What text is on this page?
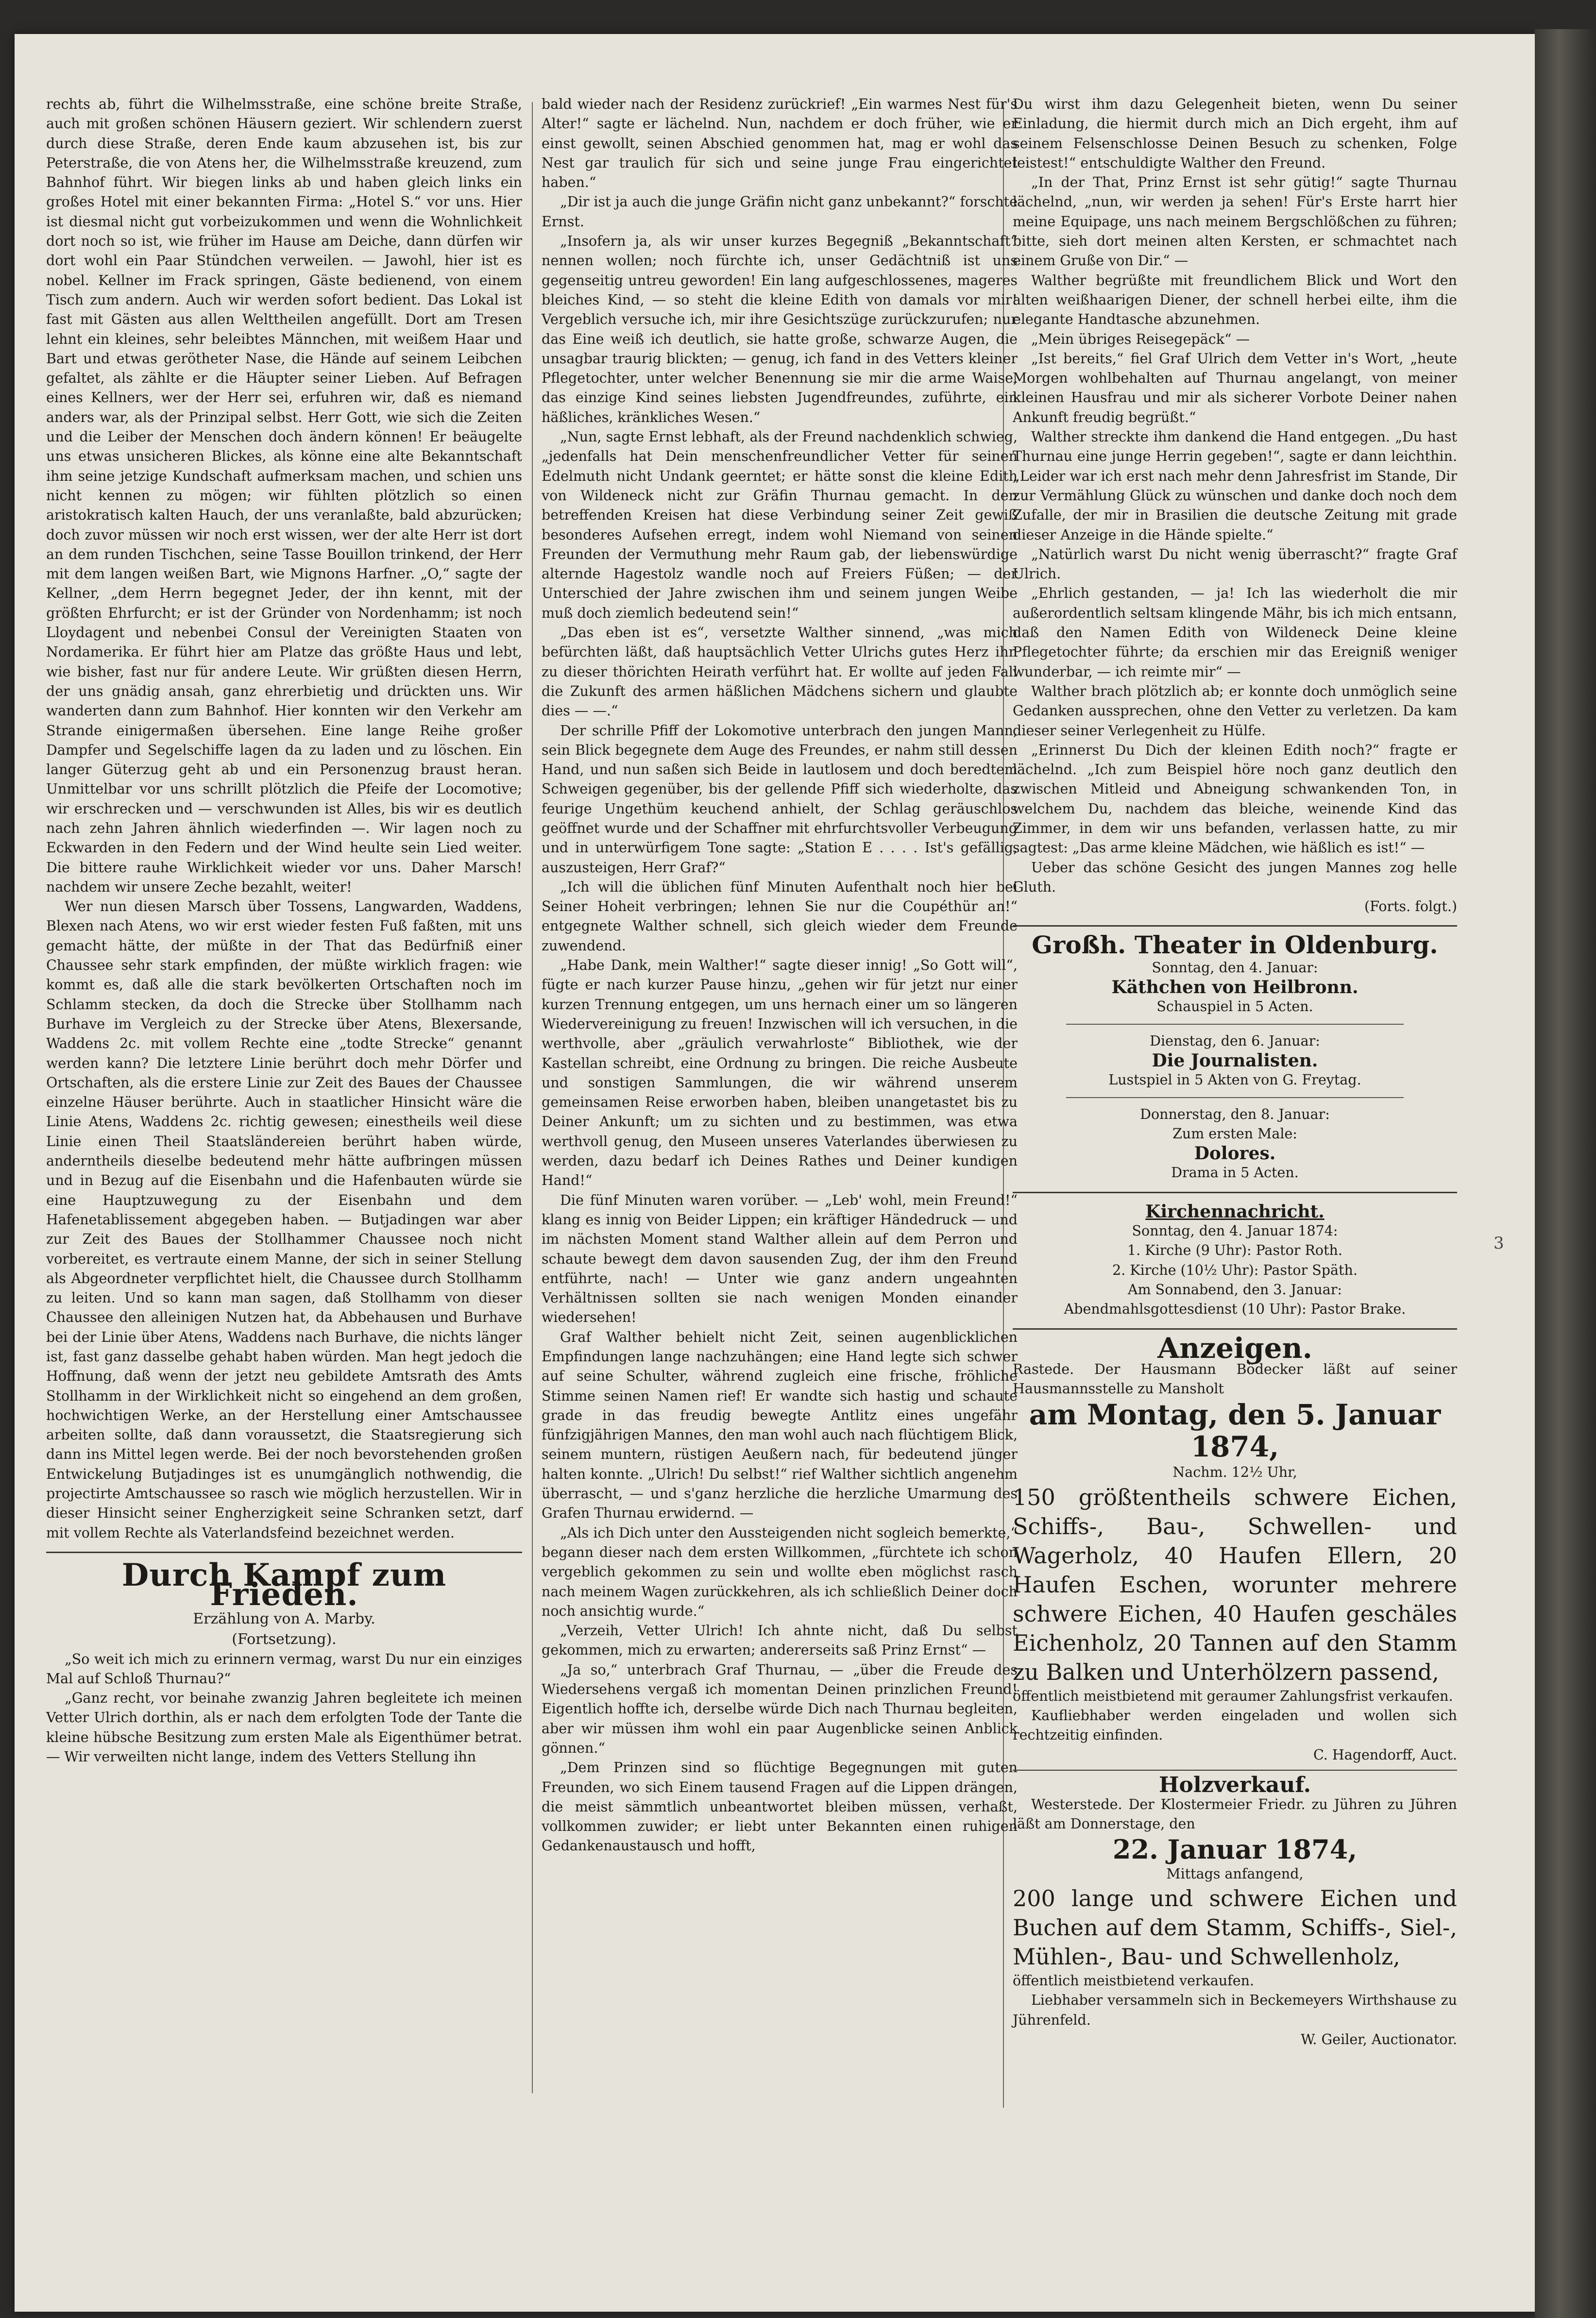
3

rechts ab, führt die Wilhelmsstraße, eine schöne breite Straße, auch mit großen schönen Häusern geziert. Wir schlendern zuerst durch diese Straße, deren Ende kaum abzusehen ist, bis zur Peterstraße, die von Atens her, die Wilhelmsstraße kreuzend, zum Bahnhof führt. Wir biegen links ab und haben gleich links ein großes Hotel mit einer bekannten Firma: „Hotel S.“ vor uns. Hier ist diesmal nicht gut vorbeizukommen und wenn die Wohnlichkeit dort noch so ist, wie früher im Hause am Deiche, dann dürfen wir dort wohl ein Paar Stündchen verweilen. — Jawohl, hier ist es nobel. Kellner im Frack springen, Gäste bedienend, von einem Tisch zum andern. Auch wir werden sofort bedient. Das Lokal ist fast mit Gästen aus allen Welttheilen angefüllt. Dort am Tresen lehnt ein kleines, sehr beleibtes Männchen, mit weißem Haar und Bart und etwas gerötheter Nase, die Hände auf seinem Leibchen gefaltet, als zählte er die Häupter seiner Lieben. Auf Befragen eines Kellners, wer der Herr sei, erfuhren wir, daß es niemand anders war, als der Prinzipal selbst. Herr Gott, wie sich die Zeiten und die Leiber der Menschen doch ändern können! Er beäugelte uns etwas unsicheren Blickes, als könne eine alte Bekanntschaft ihm seine jetzige Kundschaft aufmerksam machen, und schien uns nicht kennen zu mögen; wir fühlten plötzlich so einen aristokratisch kalten Hauch, der uns veranlaßte, bald abzurücken; doch zuvor müssen wir noch erst wissen, wer der alte Herr ist dort an dem runden Tischchen, seine Tasse Bouillon trinkend, der Herr mit dem langen weißen Bart, wie Mignons Harfner. „O,“ sagte der Kellner, „dem Herrn begegnet Jeder, der ihn kennt, mit der größten Ehrfurcht; er ist der Gründer von Nordenhamm; ist noch Lloydagent und nebenbei Consul der Vereinigten Staaten von Nordamerika. Er führt hier am Platze das größte Haus und lebt, wie bisher, fast nur für andere Leute. Wir grüßten diesen Herrn, der uns gnädig ansah, ganz ehrerbietig und drückten uns. Wir wanderten dann zum Bahnhof. Hier konnten wir den Verkehr am Strande einigermaßen übersehen. Eine lange Reihe großer Dampfer und Segelschiffe lagen da zu laden und zu löschen. Ein langer Güterzug geht ab und ein Personenzug braust heran. Unmittelbar vor uns schrillt plötzlich die Pfeife der Locomotive; wir erschrecken und — verschwunden ist Alles, bis wir es deutlich nach zehn Jahren ähnlich wiederfinden —. Wir lagen noch zu Eckwarden in den Federn und der Wind heulte sein Lied weiter. Die bittere rauhe Wirklichkeit wieder vor uns. Daher Marsch! nachdem wir unsere Zeche bezahlt, weiter!

Wer nun diesen Marsch über Tossens, Langwarden, Waddens, Blexen nach Atens, wo wir erst wieder festen Fuß faßten, mit uns gemacht hätte, der müßte in der That das Bedürfniß einer Chaussee sehr stark empfinden, der müßte wirklich fragen: wie kommt es, daß alle die stark bevölkerten Ortschaften noch im Schlamm stecken, da doch die Strecke über Stollhamm nach Burhave im Vergleich zu der Strecke über Atens, Blexersande, Waddens 2c. mit vollem Rechte eine „todte Strecke“ genannt werden kann? Die letztere Linie berührt doch mehr Dörfer und Ortschaften, als die erstere Linie zur Zeit des Baues der Chaussee einzelne Häuser berührte. Auch in staatlicher Hinsicht wäre die Linie Atens, Waddens 2c. richtig gewesen; einestheils weil diese Linie einen Theil Staatsländereien berührt haben würde, anderntheils dieselbe bedeutend mehr hätte aufbringen müssen und in Bezug auf die Eisenbahn und die Hafenbauten würde sie eine Hauptzuwegung zu der Eisenbahn und dem Hafenetablissement abgegeben haben. — Butjadingen war aber zur Zeit des Baues der Stollhammer Chaussee noch nicht vorbereitet, es vertraute einem Manne, der sich in seiner Stellung als Abgeordneter verpflichtet hielt, die Chaussee durch Stollhamm zu leiten. Und so kann man sagen, daß Stollhamm von dieser Chaussee den alleinigen Nutzen hat, da Abbehausen und Burhave bei der Linie über Atens, Waddens nach Burhave, die nichts länger ist, fast ganz dasselbe gehabt haben würden. Man hegt jedoch die Hoffnung, daß wenn der jetzt neu gebildete Amtsrath des Amts Stollhamm in der Wirklichkeit nicht so eingehend an dem großen, hochwichtigen Werke, an der Herstellung einer Amtschaussee arbeiten sollte, daß dann voraussetzt, die Staatsregierung sich dann ins Mittel legen werde. Bei der noch bevorstehenden großen Entwickelung Butjadinges ist es unumgänglich nothwendig, die projectirte Amtschaussee so rasch wie möglich herzustellen. Wir in dieser Hinsicht seiner Engherzigkeit seine Schranken setzt, darf mit vollem Rechte als Vaterlandsfeind bezeichnet werden.

Durch Kampf zum Frieden.
Erzählung von A. Marby.
(Fortsetzung).

„So weit ich mich zu erinnern vermag, warst Du nur ein einziges Mal auf Schloß Thurnau?“

„Ganz recht, vor beinahe zwanzig Jahren begleitete ich meinen Vetter Ulrich dorthin, als er nach dem erfolgten Tode der Tante die kleine hübsche Besitzung zum ersten Male als Eigenthümer betrat. — Wir verweilten nicht lange, indem des Vetters Stellung ihn

bald wieder nach der Residenz zurückrief! „Ein warmes Nest für's Alter!“ sagte er lächelnd. Nun, nachdem er doch früher, wie er einst gewollt, seinen Abschied genommen hat, mag er wohl das Nest gar traulich für sich und seine junge Frau eingerichtet haben.“

„Dir ist ja auch die junge Gräfin nicht ganz unbekannt?“ forschte Ernst.

„Insofern ja, als wir unser kurzes Begegniß „Bekanntschaft“ nennen wollen; noch fürchte ich, unser Gedächtniß ist uns gegenseitig untreu geworden! Ein lang aufgeschlossenes, mageres bleiches Kind, — so steht die kleine Edith von damals vor mir! Vergeblich versuche ich, mir ihre Gesichtszüge zurückzurufen; nur das Eine weiß ich deutlich, sie hatte große, schwarze Augen, die unsagbar traurig blickten; — genug, ich fand in des Vetters kleiner Pflegetochter, unter welcher Benennung sie mir die arme Waise, das einzige Kind seines liebsten Jugendfreundes, zuführte, ein häßliches, kränkliches Wesen.“

„Nun, sagte Ernst lebhaft, als der Freund nachdenklich schwieg, „jedenfalls hat Dein menschenfreundlicher Vetter für seinen Edelmuth nicht Undank geerntet; er hätte sonst die kleine Edith von Wildeneck nicht zur Gräfin Thurnau gemacht. In den betreffenden Kreisen hat diese Verbindung seiner Zeit gewiß besonderes Aufsehen erregt, indem wohl Niemand von seinen Freunden der Vermuthung mehr Raum gab, der liebenswürdige alternde Hagestolz wandle noch auf Freiers Füßen; — der Unterschied der Jahre zwischen ihm und seinem jungen Weibe muß doch ziemlich bedeutend sein!“

„Das eben ist es“, versetzte Walther sinnend, „was mich befürchten läßt, daß hauptsächlich Vetter Ulrichs gutes Herz ihn zu dieser thörichten Heirath verführt hat. Er wollte auf jeden Fall die Zukunft des armen häßlichen Mädchens sichern und glaubte dies — —.“

Der schrille Pfiff der Lokomotive unterbrach den jungen Mann, sein Blick begegnete dem Auge des Freundes, er nahm still dessen Hand, und nun saßen sich Beide in lautlosem und doch beredtem Schweigen gegenüber, bis der gellende Pfiff sich wiederholte, das feurige Ungethüm keuchend anhielt, der Schlag geräuschlos geöffnet wurde und der Schaffner mit ehrfurchtsvoller Verbeugung und in unterwürfigem Tone sagte: „Station E . . . . Ist's gefällig, auszusteigen, Herr Graf?“

„Ich will die üblichen fünf Minuten Aufenthalt noch hier bei Seiner Hoheit verbringen; lehnen Sie nur die Coupéthür an!“ entgegnete Walther schnell, sich gleich wieder dem Freunde zuwendend.

„Habe Dank, mein Walther!“ sagte dieser innig! „So Gott will“, fügte er nach kurzer Pause hinzu, „gehen wir für jetzt nur einer kurzen Trennung entgegen, um uns hernach einer um so längeren Wiedervereinigung zu freuen! Inzwischen will ich versuchen, in die werthvolle, aber „gräulich verwahrloste“ Bibliothek, wie der Kastellan schreibt, eine Ordnung zu bringen. Die reiche Ausbeute und sonstigen Sammlungen, die wir während unserem gemeinsamen Reise erworben haben, bleiben unangetastet bis zu Deiner Ankunft; um zu sichten und zu bestimmen, was etwa werthvoll genug, den Museen unseres Vaterlandes überwiesen zu werden, dazu bedarf ich Deines Rathes und Deiner kundigen Hand!“

Die fünf Minuten waren vorüber. — „Leb' wohl, mein Freund!“ klang es innig von Beider Lippen; ein kräftiger Händedruck — und im nächsten Moment stand Walther allein auf dem Perron und schaute bewegt dem davon sausenden Zug, der ihm den Freund entführte, nach! — Unter wie ganz andern ungeahnten Verhältnissen sollten sie nach wenigen Monden einander wiedersehen!

Graf Walther behielt nicht Zeit, seinen augenblicklichen Empfindungen lange nachzuhängen; eine Hand legte sich schwer auf seine Schulter, während zugleich eine frische, fröhliche Stimme seinen Namen rief! Er wandte sich hastig und schaute grade in das freudig bewegte Antlitz eines ungefähr fünfzigjährigen Mannes, den man wohl auch nach flüchtigem Blick, seinem muntern, rüstigen Aeußern nach, für bedeutend jünger halten konnte. „Ulrich! Du selbst!“ rief Walther sichtlich angenehm überrascht, — und s'ganz herzliche die herzliche Umarmung des Grafen Thurnau erwidernd. —

„Als ich Dich unter den Aussteigenden nicht sogleich bemerkte,“ begann dieser nach dem ersten Willkommen, „fürchtete ich schon vergeblich gekommen zu sein und wollte eben möglichst rasch nach meinem Wagen zurückkehren, als ich schließlich Deiner doch noch ansichtig wurde.“

„Verzeih, Vetter Ulrich! Ich ahnte nicht, daß Du selbst gekommen, mich zu erwarten; andererseits saß Prinz Ernst“ —

„Ja so,“ unterbrach Graf Thurnau, — „über die Freude des Wiedersehens vergaß ich momentan Deinen prinzlichen Freund! Eigentlich hoffte ich, derselbe würde Dich nach Thurnau begleiten, aber wir müssen ihm wohl ein paar Augenblicke seinen Anblick gönnen.“

„Dem Prinzen sind so flüchtige Begegnungen mit guten Freunden, wo sich Einem tausend Fragen auf die Lippen drängen, die meist sämmtlich unbeantwortet bleiben müssen, verhaßt, vollkommen zuwider; er liebt unter Bekannten einen ruhigen Gedankenaustausch und hofft,

Du wirst ihm dazu Gelegenheit bieten, wenn Du seiner Einladung, die hiermit durch mich an Dich ergeht, ihm auf seinem Felsenschlosse Deinen Besuch zu schenken, Folge leistest!“ entschuldigte Walther den Freund.

„In der That, Prinz Ernst ist sehr gütig!“ sagte Thurnau lächelnd, „nun, wir werden ja sehen! Für's Erste harrt hier meine Equipage, uns nach meinem Bergschlößchen zu führen; bitte, sieh dort meinen alten Kersten, er schmachtet nach einem Gruße von Dir.“ —

Walther begrüßte mit freundlichem Blick und Wort den alten weißhaarigen Diener, der schnell herbei eilte, ihm die elegante Handtasche abzunehmen.

„Mein übriges Reisegepäck“ —

„Ist bereits,“ fiel Graf Ulrich dem Vetter in's Wort, „heute Morgen wohlbehalten auf Thurnau angelangt, von meiner kleinen Hausfrau und mir als sicherer Vorbote Deiner nahen Ankunft freudig begrüßt.“

Walther streckte ihm dankend die Hand entgegen. „Du hast Thurnau eine junge Herrin gegeben!“, sagte er dann leichthin. „Leider war ich erst nach mehr denn Jahresfrist im Stande, Dir zur Vermählung Glück zu wünschen und danke doch noch dem Zufalle, der mir in Brasilien die deutsche Zeitung mit grade dieser Anzeige in die Hände spielte.“

„Natürlich warst Du nicht wenig überrascht?“ fragte Graf Ulrich.

„Ehrlich gestanden, — ja! Ich las wiederholt die mir außerordentlich seltsam klingende Mähr, bis ich mich entsann, daß den Namen Edith von Wildeneck Deine kleine Pflegetochter führte; da erschien mir das Ereigniß weniger wunderbar, — ich reimte mir“ —

Walther brach plötzlich ab; er konnte doch unmöglich seine Gedanken aussprechen, ohne den Vetter zu verletzen. Da kam dieser seiner Verlegenheit zu Hülfe.

„Erinnerst Du Dich der kleinen Edith noch?“ fragte er lächelnd. „Ich zum Beispiel höre noch ganz deutlich den zwischen Mitleid und Abneigung schwankenden Ton, in welchem Du, nachdem das bleiche, weinende Kind das Zimmer, in dem wir uns befanden, verlassen hatte, zu mir sagtest: „Das arme kleine Mädchen, wie häßlich es ist!“ —

Ueber das schöne Gesicht des jungen Mannes zog helle Gluth.

(Forts. folgt.)
Großh. Theater in Oldenburg.

Sonntag, den 4. Januar:

Käthchen von Heilbronn.

Schauspiel in 5 Acten.

Dienstag, den 6. Januar:

Die Journalisten.

Lustspiel in 5 Akten von G. Freytag.

Donnerstag, den 8. Januar:

Zum ersten Male:

Dolores.

Drama in 5 Acten.

Kirchennachricht.

Sonntag, den 4. Januar 1874:

1. Kirche (9 Uhr): Pastor Roth.

2. Kirche (10½ Uhr): Pastor Späth.

Am Sonnabend, den 3. Januar:

Abendmahlsgottesdienst (10 Uhr): Pastor Brake.

Anzeigen.

Rastede. Der Hausmann Bödecker läßt auf seiner Hausmannsstelle zu Mansholt

am Montag, den 5. Januar 1874,
Nachm. 12½ Uhr,
150 größtentheils schwere Eichen, Schiffs-, Bau-, Schwellen- und Wagerholz, 40 Haufen Ellern, 20 Haufen Eschen, worunter mehrere schwere Eichen, 40 Haufen geschäles Eichenholz, 20 Tannen auf den Stamm zu Balken und Unterhölzern passend,

öffentlich meistbietend mit geraumer Zahlungsfrist verkaufen.

Kaufliebhaber werden eingeladen und wollen sich rechtzeitig einfinden.

C. Hagendorff, Auct.
Holzverkauf.

Westerstede. Der Klostermeier Friedr. zu Jühren zu Jühren läßt am Donnerstage, den

22. Januar 1874,
Mittags anfangend,
200 lange und schwere Eichen und Buchen auf dem Stamm, Schiffs-, Siel-, Mühlen-, Bau- und Schwellenholz,

öffentlich meistbietend verkaufen.

Liebhaber versammeln sich in Beckemeyers Wirthshause zu Jührenfeld.

W. Geiler, Auctionator.
